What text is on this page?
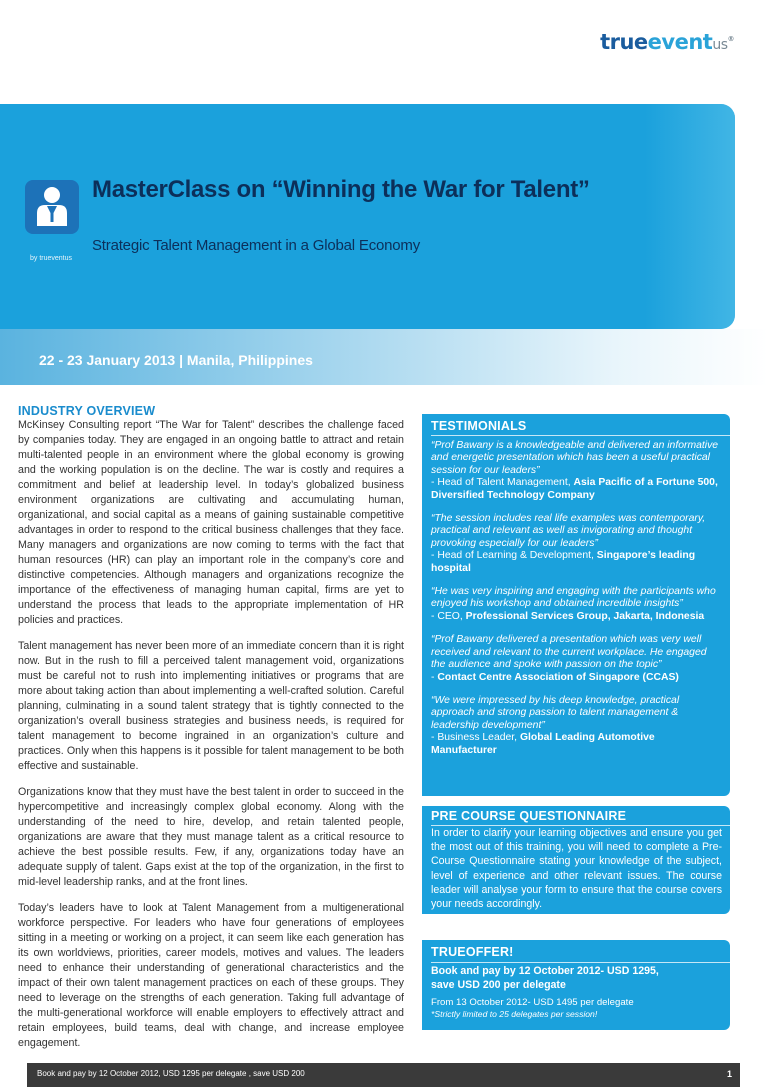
trueeventus®
by trueventus
MasterClass on “Winning the War for Talent”
Strategic Talent Management in a Global Economy
22 - 23 January 2013 | Manila, Philippines
INDUSTRY OVERVIEW

McKinsey Consulting report “The War for Talent” describes the challenge faced by companies today. They are engaged in an ongoing battle to attract and retain multi-talented people in an environment where the global economy is growing and the working population is on the decline. The war is costly and requires a commitment and belief at leadership level. In today’s globalized business environment organizations are cultivating and accumulating human, organizational, and social capital as a means of gaining sustainable competitive advantages in order to respond to the critical business challenges that they face. Many managers and organizations are now coming to terms with the fact that human resources (HR) can play an important role in the company’s core and distinctive competencies. Although managers and organizations recognize the importance of the effectiveness of managing human capital, firms are yet to understand the process that leads to the appropriate implementation of HR policies and practices.

Talent management has never been more of an immediate concern than it is right now. But in the rush to fill a perceived talent management void, organizations must be careful not to rush into implementing initiatives or programs that are more about taking action than about implementing a well-crafted solution. Careful planning, culminating in a sound talent strategy that is tightly connected to the organization’s overall business strategies and business needs, is required for talent management to become ingrained in an organization’s culture and practices. Only when this happens is it possible for talent management to be both effective and sustainable.

Organizations know that they must have the best talent in order to succeed in the hypercompetitive and increasingly complex global economy. Along with the understanding of the need to hire, develop, and retain talented people, organizations are aware that they must manage talent as a critical resource to achieve the best possible results. Few, if any, organizations today have an adequate supply of talent. Gaps exist at the top of the organization, in the first to mid-level leadership ranks, and at the front lines.

Today’s leaders have to look at Talent Management from a multigenerational workforce perspective. For leaders who have four generations of employees sitting in a meeting or working on a project, it can seem like each generation has its own worldviews, priorities, career models, motives and values. The leaders need to enhance their understanding of generational characteristics and the impact of their own talent management practices on each of these groups. They need to leverage on the strengths of each generation. Taking full advantage of the multi-generational workforce will enable employers to effectively attract and retain employees, build teams, deal with change, and increase employee engagement.

TESTIMONIALS
“Prof Bawany is a knowledgeable and delivered an informative and energetic presentation which has been a useful practical session for our leaders”
- Head of Talent Management, Asia Pacific of a Fortune 500, Diversified Technology Company
“The session includes real life examples was contemporary, practical and relevant as well as invigorating and thought provoking especially for our leaders”
- Head of Learning & Development, Singapore’s leading hospital
“He was very inspiring and engaging with the participants who enjoyed his workshop and obtained incredible insights”
- CEO, Professional Services Group, Jakarta, Indonesia
“Prof Bawany delivered a presentation which was very well received and relevant to the current workplace. He engaged the audience and spoke with passion on the topic”
- Contact Centre Association of Singapore (CCAS)
“We were impressed by his deep knowledge, practical approach and strong passion to talent management & leadership development”
- Business Leader, Global Leading Automotive Manufacturer
PRE COURSE QUESTIONNAIRE
In order to clarify your learning objectives and ensure you get the most out of this training, you will need to complete a Pre-Course Questionnaire stating your knowledge of the subject, level of experience and other relevant issues. The course leader will analyse your form to ensure that the course covers your needs accordingly.
TRUEOFFER!
Book and pay by 12 October 2012- USD 1295, save USD 200 per delegate
From 13 October 2012- USD 1495 per delegate
*Strictly limited to 25 delegates per session!
Book and pay by 12 October 2012, USD 1295 per delegate , save USD 200	1
